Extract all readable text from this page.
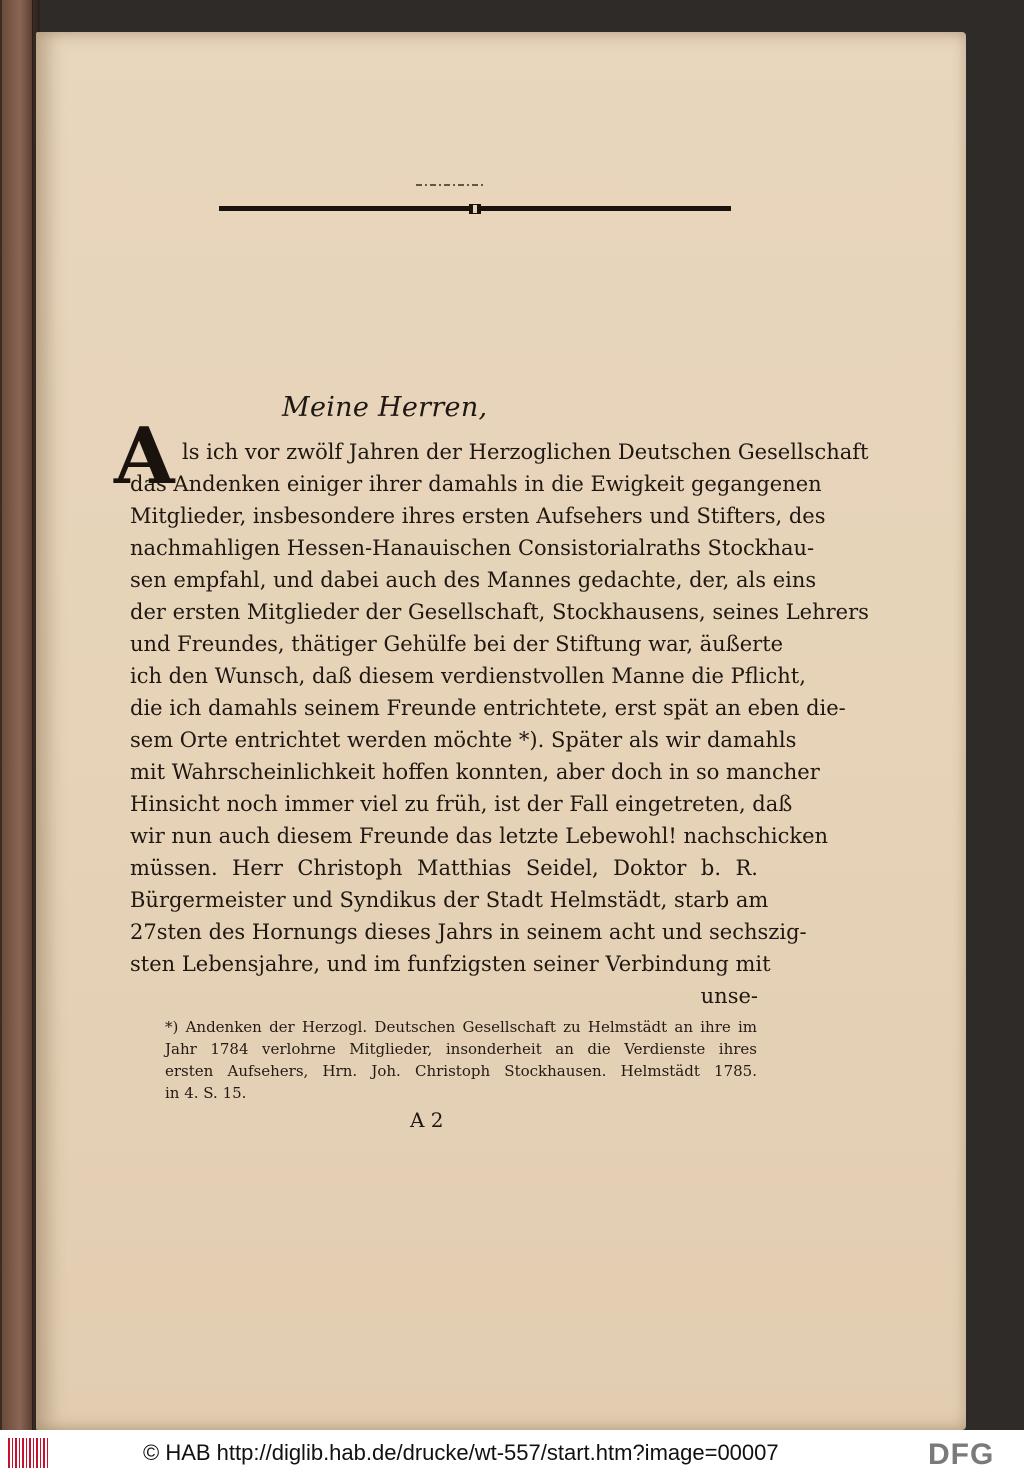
Meine Herren,
A ls ich vor zwölf Jahren der Herzoglichen Deutschen Gesellschaft
das Andenken einiger ihrer damahls in die Ewigkeit gegangenen
Mitglieder, insbesondere ihres ersten Aufsehers und Stifters, des
nachmahligen Hessen-Hanauischen Consistorialraths Stockhau-
sen empfahl, und dabei auch des Mannes gedachte, der, als eins
der ersten Mitglieder der Gesellschaft, Stockhausens, seines Lehrers
und Freundes, thätiger Gehülfe bei der Stiftung war, äußerte
ich den Wunsch, daß diesem verdienstvollen Manne die Pflicht,
die ich damahls seinem Freunde entrichtete, erst spät an eben die-
sem Orte entrichtet werden möchte *). Später als wir damahls
mit Wahrscheinlichkeit hoffen konnten, aber doch in so mancher
Hinsicht noch immer viel zu früh, ist der Fall eingetreten, daß
wir nun auch diesem Freunde das letzte Lebewohl! nachschicken
müssen. Herr Christoph Matthias Seidel, Doktor b. R.
Bürgermeister und Syndikus der Stadt Helmstädt, starb am
27sten des Hornungs dieses Jahrs in seinem acht und sechszig-
sten Lebensjahre, und im funfzigsten seiner Verbindung mit
unse-
*) Andenken der Herzogl. Deutschen Gesellschaft zu Helmstädt an ihre im
Jahr 1784 verlohrne Mitglieder, insonderheit an die Verdienste ihres
ersten Aufsehers, Hrn. Joh. Christoph Stockhausen. Helmstädt 1785.
in 4. S. 15.
A 2
© HAB http://diglib.hab.de/drucke/wt-557/start.htm?image=00007	DFG
